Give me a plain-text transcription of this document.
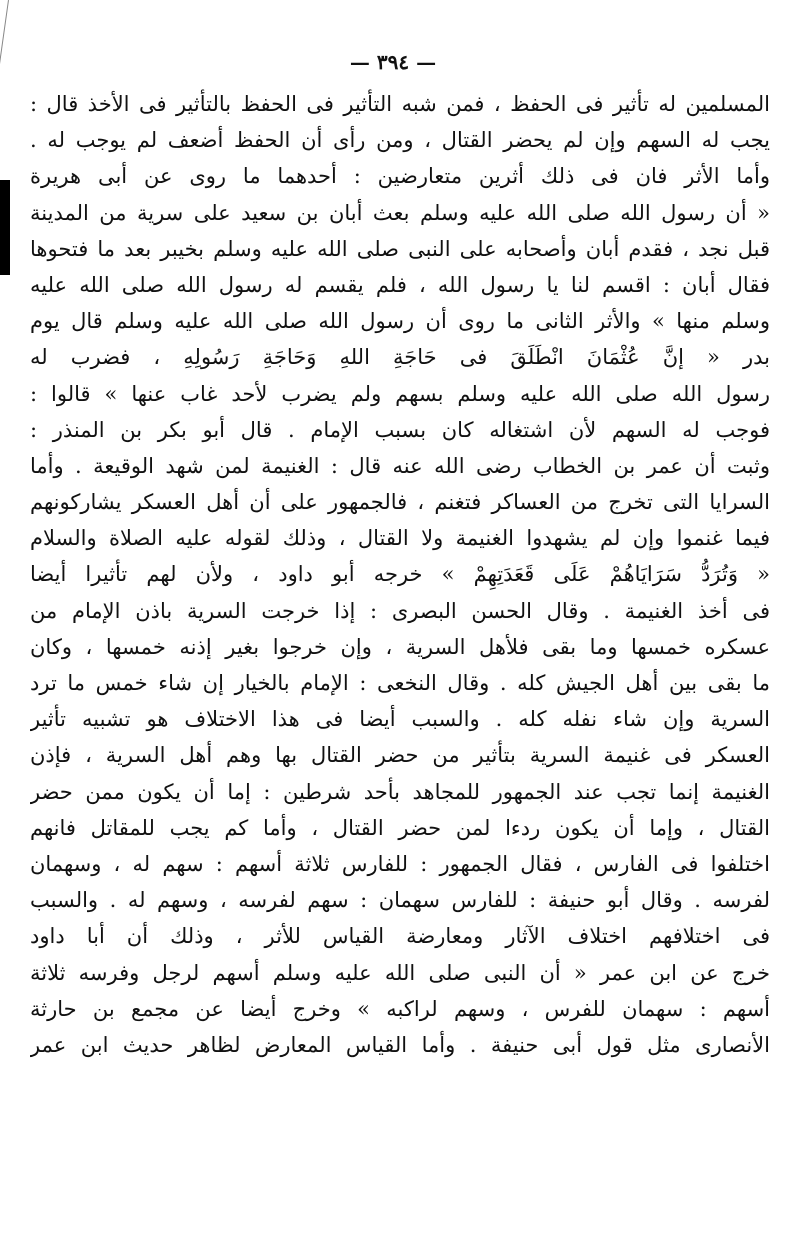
— ٣٩٤ —
المسلمين له تأثير فى الحفظ ، فمن شبه التأثير فى الحفظ بالتأثير فى الأخذ قال :
يجب له السهم وإن لم يحضر القتال ، ومن رأى أن الحفظ أضعف لم يوجب له .
وأما الأثر فان فى ذلك أثرين متعارضين : أحدهما ما روى عن أبى هريرة
« أن رسول الله صلى الله عليه وسلم بعث أبان بن سعيد على سرية من المدينة
قبل نجد ، فقدم أبان وأصحابه على النبى صلى الله عليه وسلم بخيبر بعد ما فتحوها
فقال أبان : اقسم لنا يا رسول الله ، فلم يقسم له رسول الله صلى الله عليه
وسلم منها » والأثر الثانى ما روى أن رسول الله صلى الله عليه وسلم قال يوم
بدر « إنَّ عُثْمَانَ انْطَلَقَ فى حَاجَةِ اللهِ وَحَاجَةِ رَسُولِهِ ، فضرب له
رسول الله صلى الله عليه وسلم بسهم ولم يضرب لأحد غاب عنها » قالوا :
فوجب له السهم لأن اشتغاله كان بسبب الإمام . قال أبو بكر بن المنذر :
وثبت أن عمر بن الخطاب رضى الله عنه قال : الغنيمة لمن شهد الوقيعة . وأما
السرايا التى تخرج من العساكر فتغنم ، فالجمهور على أن أهل العسكر يشاركونهم
فيما غنموا وإن لم يشهدوا الغنيمة ولا القتال ، وذلك لقوله عليه الصلاة والسلام
« وَتُرَدُّ سَرَايَاهُمْ عَلَى قَعَدَتِهِمْ » خرجه أبو داود ، ولأن لهم تأثيرا أيضا
فى أخذ الغنيمة . وقال الحسن البصرى : إذا خرجت السرية باذن الإمام من
عسكره خمسها وما بقى فلأهل السرية ، وإن خرجوا بغير إذنه خمسها ، وكان
ما بقى بين أهل الجيش كله . وقال النخعى : الإمام بالخيار إن شاء خمس ما ترد
السرية وإن شاء نفله كله . والسبب أيضا فى هذا الاختلاف هو تشبيه تأثير
العسكر فى غنيمة السرية بتأثير من حضر القتال بها وهم أهل السرية ، فإذن
الغنيمة إنما تجب عند الجمهور للمجاهد بأحد شرطين : إما أن يكون ممن حضر
القتال ، وإما أن يكون ردءا لمن حضر القتال ، وأما كم يجب للمقاتل فانهم
اختلفوا فى الفارس ، فقال الجمهور : للفارس ثلاثة أسهم : سهم له ، وسهمان
لفرسه . وقال أبو حنيفة : للفارس سهمان : سهم لفرسه ، وسهم له . والسبب
فى اختلافهم اختلاف الآثار ومعارضة القياس للأثر ، وذلك أن أبا داود
خرج عن ابن عمر « أن النبى صلى الله عليه وسلم أسهم لرجل وفرسه ثلاثة
أسهم : سهمان للفرس ، وسهم لراكبه » وخرج أيضا عن مجمع بن حارثة
الأنصارى مثل قول أبى حنيفة . وأما القياس المعارض لظاهر حديث ابن عمر
